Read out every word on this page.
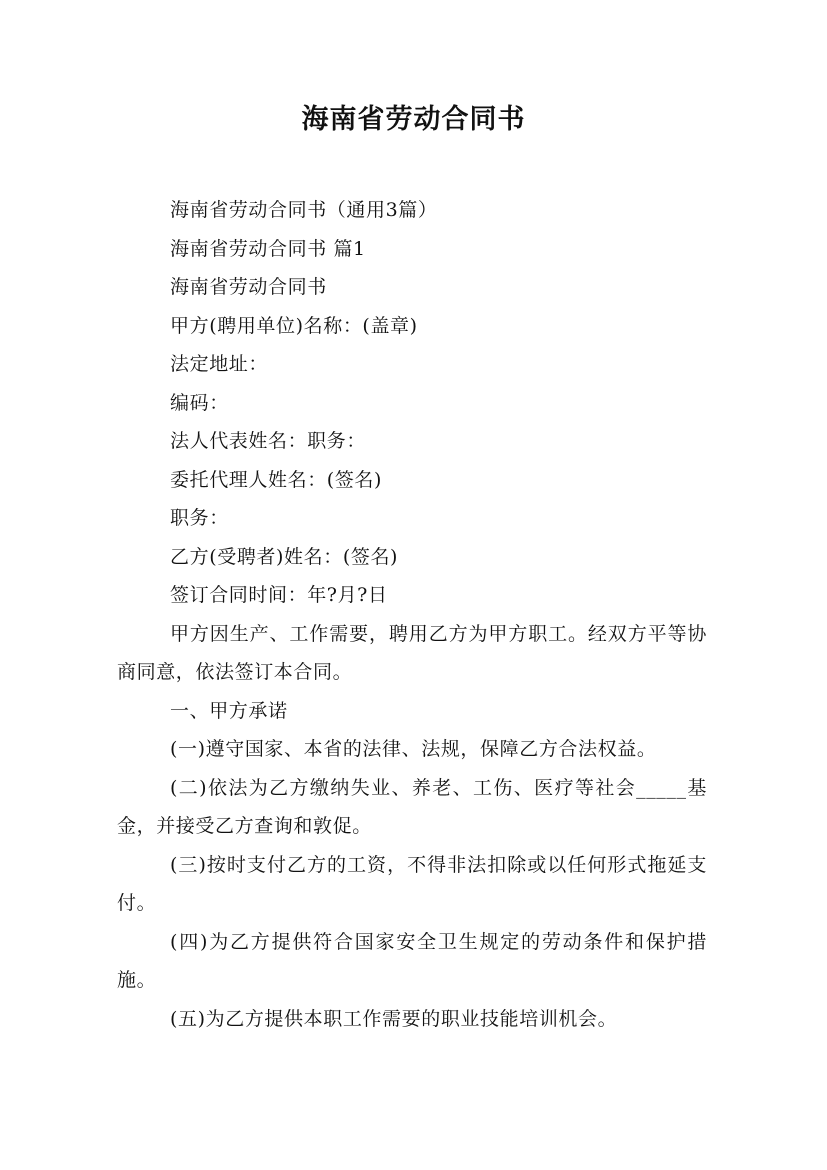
海南省劳动合同书

海南省劳动合同书（通用3篇）

海南省劳动合同书 篇1

海南省劳动合同书

甲方(聘用单位)名称：(盖章)

法定地址：

编码：

法人代表姓名：职务：

委托代理人姓名：(签名)

职务：

乙方(受聘者)姓名：(签名)

签订合同时间：年?月?日

甲方因生产、工作需要，聘用乙方为甲方职工。经双方平等协商同意，依法签订本合同。

一、甲方承诺

(一)遵守国家、本省的法律、法规，保障乙方合法权益。

(二)依法为乙方缴纳失业、养老、工伤、医疗等社会_____基金，并接受乙方查询和敦促。

(三)按时支付乙方的工资，不得非法扣除或以任何形式拖延支付。

(四)为乙方提供符合国家安全卫生规定的劳动条件和保护措施。

(五)为乙方提供本职工作需要的职业技能培训机会。
